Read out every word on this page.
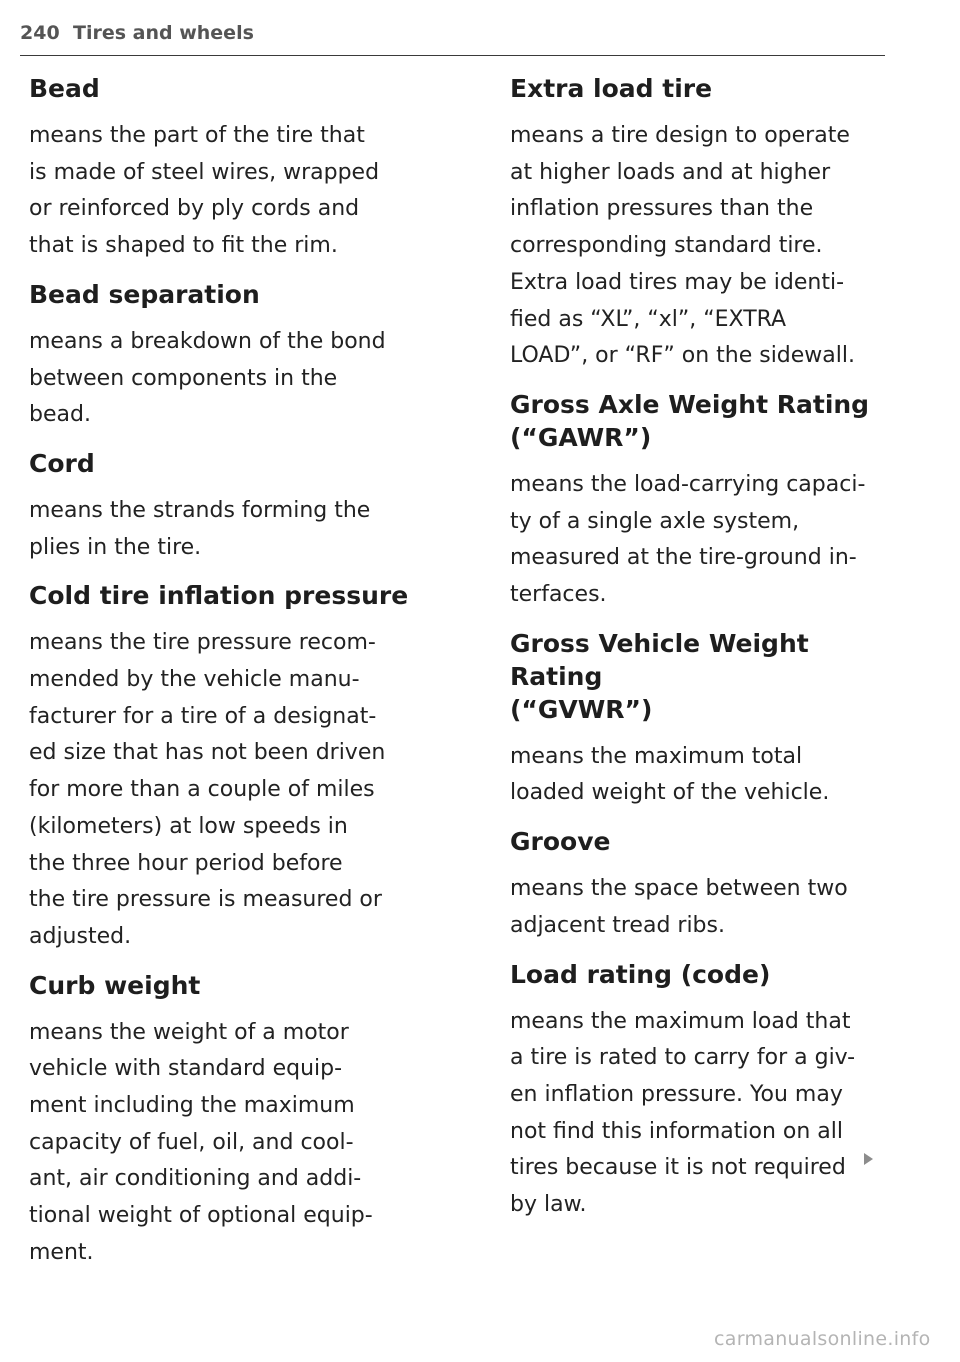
240 Tires and wheels
Bead
means the part of the tire that
is made of steel wires, wrapped
or reinforced by ply cords and
that is shaped to fit the rim.
Bead separation
means a breakdown of the bond
between components in the
bead.
Cord
means the strands forming the
plies in the tire.
Cold tire inflation pressure
means the tire pressure recom-
mended by the vehicle manu-
facturer for a tire of a designat-
ed size that has not been driven
for more than a couple of miles
(kilometers) at low speeds in
the three hour period before
the tire pressure is measured or
adjusted.
Curb weight
means the weight of a motor
vehicle with standard equip-
ment including the maximum
capacity of fuel, oil, and cool-
ant, air conditioning and addi-
tional weight of optional equip-
ment.
Extra load tire
means a tire design to operate
at higher loads and at higher
inflation pressures than the
corresponding standard tire.
Extra load tires may be identi-
fied as “XL”, “xl”, “EXTRA
LOAD”, or “RF” on the sidewall.
Gross Axle Weight Rating
(“GAWR”)
means the load-carrying capaci-
ty of a single axle system,
measured at the tire-ground in-
terfaces.
Gross Vehicle Weight Rating
(“GVWR”)
means the maximum total
loaded weight of the vehicle.
Groove
means the space between two
adjacent tread ribs.
Load rating (code)
means the maximum load that
a tire is rated to carry for a giv-
en inflation pressure. You may
not find this information on all
tires because it is not required
by law.
carmanualsonline.info
